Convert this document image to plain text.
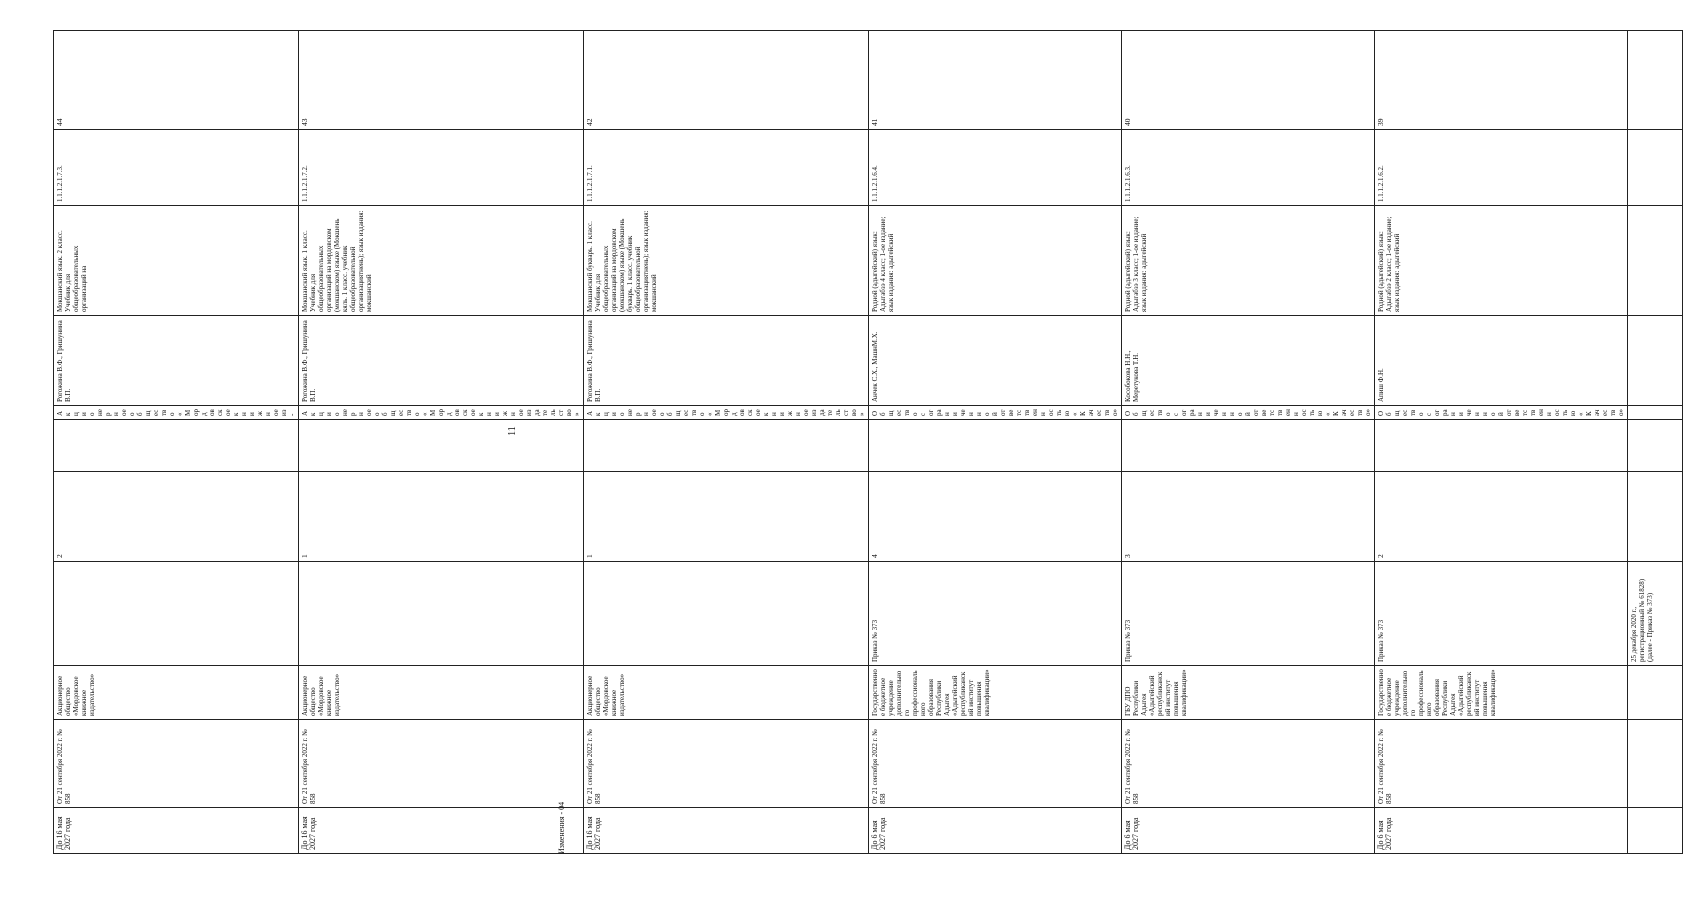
До 16 мая 2027 года	От 21 сентября 2022 г. № 858	Акционерное общество «Мордовское книжное издательство»		2		Акционерное общество «Мордовское книжное из-	Рогожина В.Ф., Гришунина В.П.	Мокшанский язык. 2 класс. Учебник для общеобразовательных организаций на	1.1.1.2.1.7.3.	44
До 16 мая 2027 года	От 21 сентября 2022 г. № 858	Акционерное общество «Мордовское книжное издательство»		1		Акционерное общество «Мордовское книжное издательство»	Рогожина В.Ф., Гришунина В.П.	Мокшанский язык. 1 класс. Учебник для общеобразовательных организаций на мордовском (мокшанском) языке (Мокшень кяль. 1 класс. учебник общеобразовательной организациятнень); язык издания: мокшанский	1.1.1.2.1.7.2.	43
До 16 мая 2027 года	От 21 сентября 2022 г. № 858	Акционерное общество «Мордовское книжное издательство»		1		Акционерное общество «Мордовское книжное издательство»	Рогожина В.Ф., Гришунина В.П.	Мокшанский букварь. 1 класс. Учебник для общеобразовательных организаций на мордовском (мокшанском) языке (Мокшень букварь. 1 класс. учебник общеобразовательной организациятнень); язык издания: мокшанский	1.1.1.2.1.7.1.	42
До 6 мая 2027 года	От 21 сентября 2022 г. № 858	Государственное бюджетное учреждение дополнительного профессионального образования Республики Адыгея «Адыгейский республиканский институт повышения квалификации»	Приказ № 373	4		Общество с ограниченной ответственностью «Качество»	Анчек С.Х., МашнM.Х.	Родной (адыгейский) язык: Адыгабзэ 4 класс; 1-ое издание; язык издания: адыгейский	1.1.1.2.1.6.4.	41
До 6 мая 2027 года	От 21 сентября 2022 г. № 858	ГБУ ДПО Республики Адыгея «Адыгейский республиканский институт повышения квалификации»	Приказ № 373	3		Общество с ограниченной ответственностью «Качество»	Кособокова Н.Н., Меретукова Т.Н.	Родной (адыгейский) язык: Адыгабзэ 3 класс; 1-ое издание; язык издания: адыгейский	1.1.1.2.1.6.3.	40
До 6 мая 2027 года	От 21 сентября 2022 г. № 858	Государственное бюджетное учреждение дополнительного профессионального образования Республики Адыгея «Адыгейский республиканский институт повышения квалификации»	Приказ № 373	2		Общество с ограниченной ответственностью «Качество»	Апиш Ф.Н.	Родной (адыгейский) язык: Адыгабзэ 2 класс; 1-ое издание; язык издания: адыгейский	1.1.1.2.1.6.2.	39
			25 декабря 2020 г., регистрационный № 61828) (далее - Приказ № 373)							
11
Изменения - 04
